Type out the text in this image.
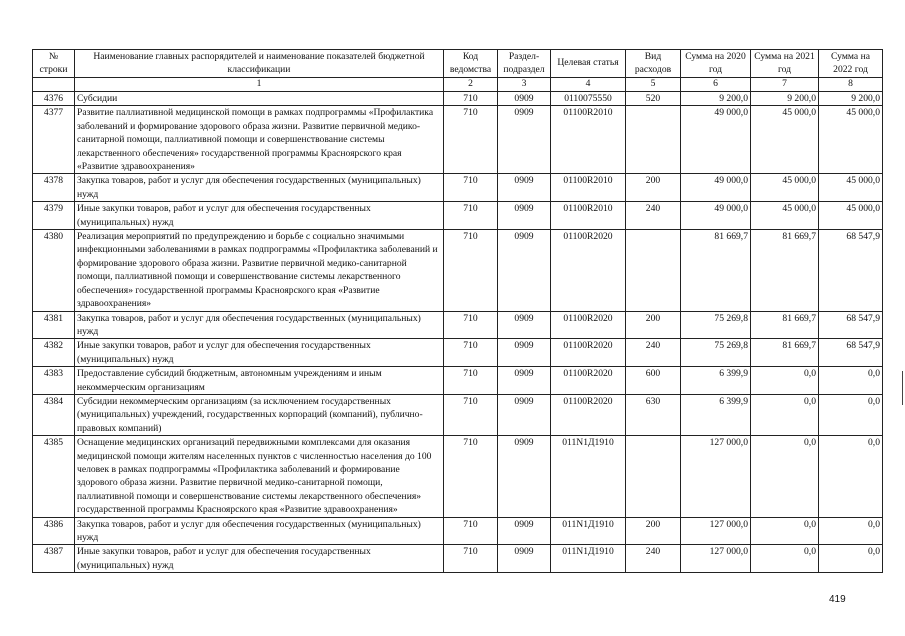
№ строки	Наименование главных распорядителей и наименование показателей бюджетной классификации	Код ведомства	Раздел-подраздел	Целевая статья	Вид расходов	Сумма на 2020 год	Сумма на 2021 год	Сумма на 2022 год
	1	2	3	4	5	6	7	8
4376	Субсидии	710	0909	0110075550	520	9 200,0	9 200,0	9 200,0
4377	Развитие паллиативной медицинской помощи в рамках подпрограммы «Профилактика заболеваний и формирование здорового образа жизни. Развитие первичной медико-санитарной помощи, паллиативной помощи и совершенствование системы лекарственного обеспечения» государственной программы Красноярского края «Развитие здравоохранения»	710	0909	01100R2010		49 000,0	45 000,0	45 000,0
4378	Закупка товаров, работ и услуг для обеспечения государственных (муниципальных) нужд	710	0909	01100R2010	200	49 000,0	45 000,0	45 000,0
4379	Иные закупки товаров, работ и услуг для обеспечения государственных (муниципальных) нужд	710	0909	01100R2010	240	49 000,0	45 000,0	45 000,0
4380	Реализация мероприятий по предупреждению и борьбе с социально значимыми инфекционными заболеваниями в рамках подпрограммы «Профилактика заболеваний и формирование здорового образа жизни. Развитие первичной медико-санитарной помощи, паллиативной помощи и совершенствование системы лекарственного обеспечения» государственной программы Красноярского края «Развитие здравоохранения»	710	0909	01100R2020		81 669,7	81 669,7	68 547,9
4381	Закупка товаров, работ и услуг для обеспечения государственных (муниципальных) нужд	710	0909	01100R2020	200	75 269,8	81 669,7	68 547,9
4382	Иные закупки товаров, работ и услуг для обеспечения государственных (муниципальных) нужд	710	0909	01100R2020	240	75 269,8	81 669,7	68 547,9
4383	Предоставление субсидий бюджетным, автономным учреждениям и иным некоммерческим организациям	710	0909	01100R2020	600	6 399,9	0,0	0,0
4384	Субсидии некоммерческим организациям (за исключением государственных (муниципальных) учреждений, государственных корпораций (компаний), публично-правовых компаний)	710	0909	01100R2020	630	6 399,9	0,0	0,0
4385	Оснащение медицинских организаций передвижными комплексами для оказания медицинской помощи жителям населенных пунктов с численностью населения до 100 человек в рамках подпрограммы «Профилактика заболеваний и формирование здорового образа жизни. Развитие первичной медико-санитарной помощи, паллиативной помощи и совершенствование системы лекарственного обеспечения» государственной программы Красноярского края «Развитие здравоохранения»	710	0909	011N1Д1910		127 000,0	0,0	0,0
4386	Закупка товаров, работ и услуг для обеспечения государственных (муниципальных) нужд	710	0909	011N1Д1910	200	127 000,0	0,0	0,0
4387	Иные закупки товаров, работ и услуг для обеспечения государственных (муниципальных) нужд	710	0909	011N1Д1910	240	127 000,0	0,0	0,0
419
